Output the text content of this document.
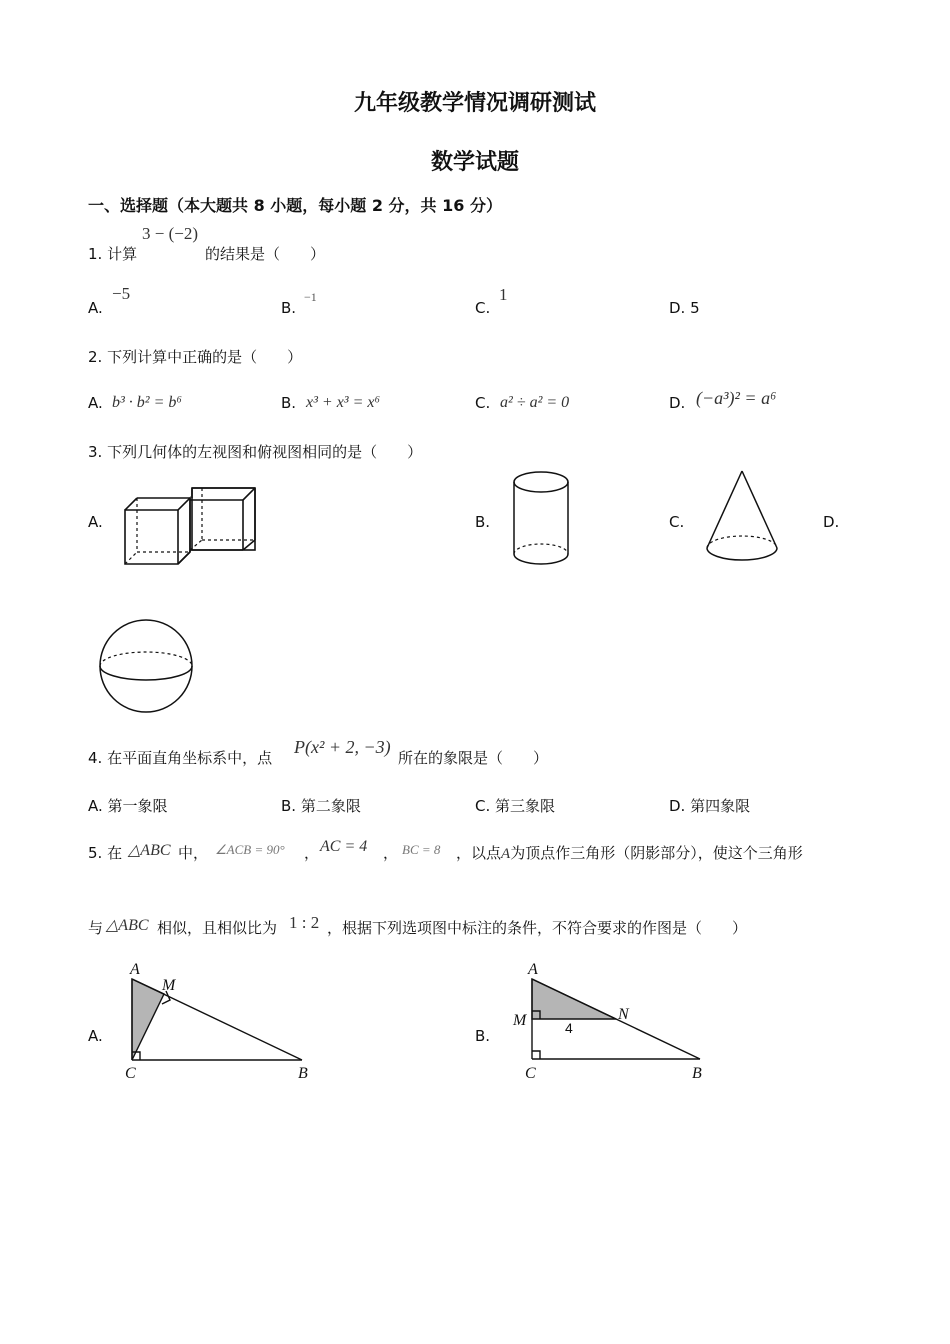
九年级教学情况调研测试
数学试题
一、选择题（本大题共 8 小题，每小题 2 分，共 16 分）
1. 计算
3 − (−2)
的结果是（　　）
A.
−5
B.
−1
C.
1
D. 5
2. 下列计算中正确的是（　　）
A. b³ · b² = b⁶	B. x³ + x³ = x⁶	C. a² ÷ a² = 0	D. (−a³)² = a⁶
3. 下列几何体的左视图和俯视图相同的是（　　）
A.	B.	C.	D.
4. 在平面直角坐标系中，点
P(x² + 2, −3)
所在的象限是（　　）
A. 第一象限	B. 第二象限	C. 第三象限	D. 第四象限
5. 在 △ABC 中， ∠ACB = 90° ， AC = 4 ， BC = 8 ，以点A为顶点作三角形（阴影部分），使这个三角形
与 △ABC 相似，且相似比为 1 : 2 ，根据下列选项图中标注的条件，不符合要求的作图是（　　）
A.	B.
A
M
C	B
A
M	N
C	B
4
